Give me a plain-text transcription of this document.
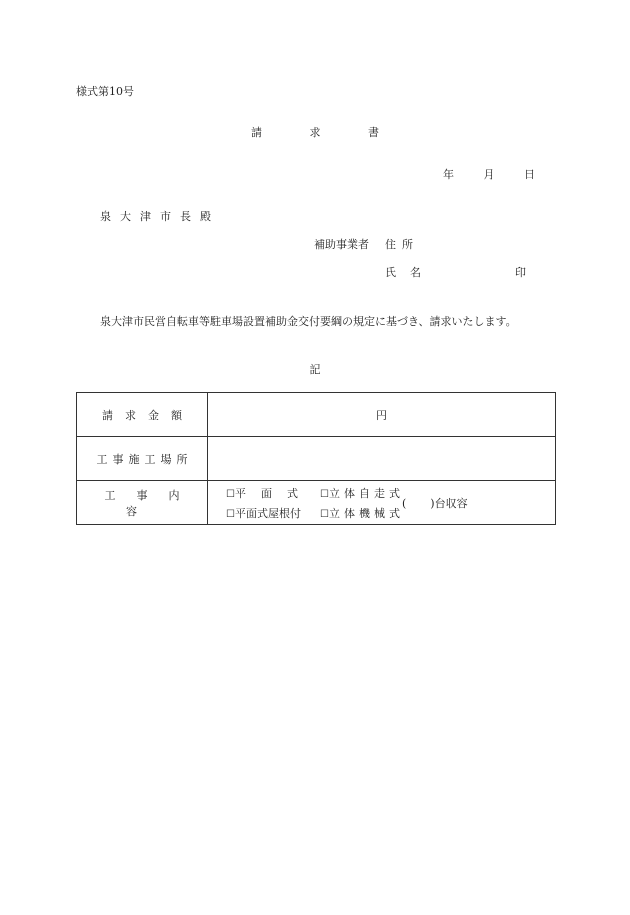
様式第10号
請	求	書
年	月	日
泉大津市長殿
補助事業者 住所
氏名	印
泉大津市民営自転車等駐車場設置補助金交付要綱の規定に基づき、請求いたします。
記
請求金額	円
工事施工場所	
工事内容	☐平面式 ☐立体自走式
☐平面式屋根付 ☐立体機械式
( )台収容
